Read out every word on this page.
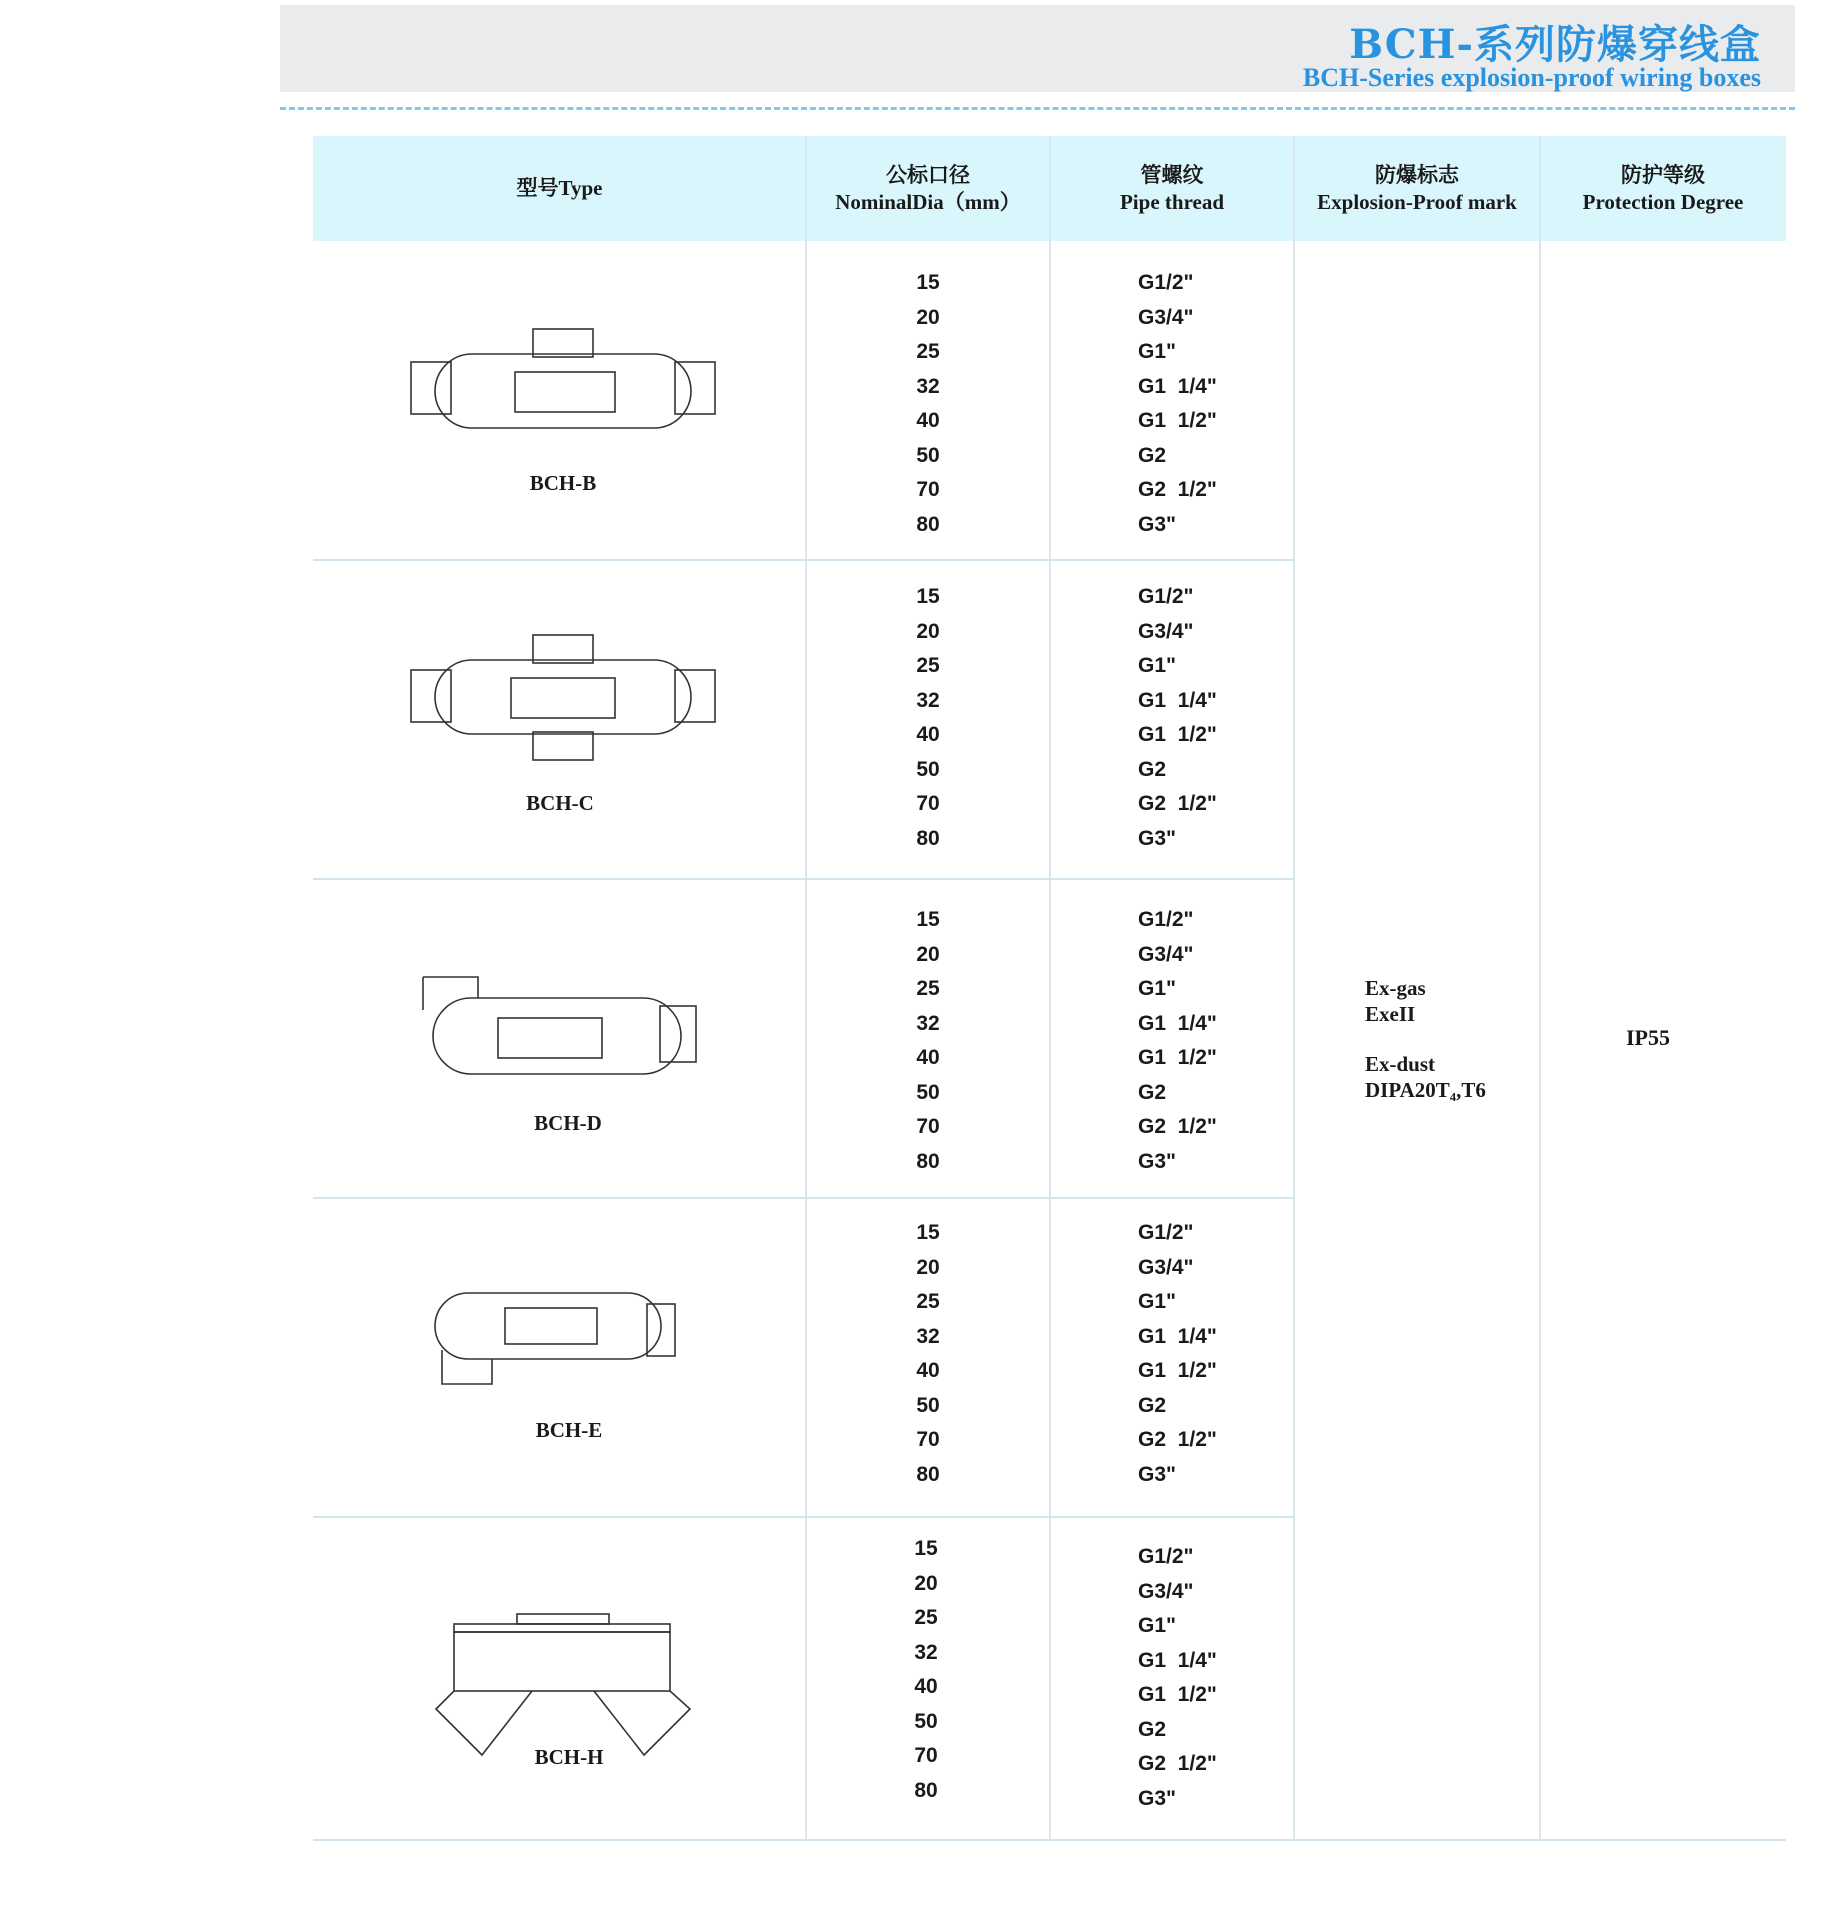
BCH-系列防爆穿线盒
BCH-Series explosion-proof wiring boxes
型号Type
公标口径
NominalDia（mm）
管螺纹
Pipe thread
防爆标志
Explosion-Proof mark
防护等级
Protection Degree
BCH-B
15
20
25
32
40
50
70
80
G1/2"
G3/4"
G1"
G1  1/4"
G1  1/2"
G2
G2  1/2"
G3"
BCH-C
15
20
25
32
40
50
70
80
G1/2"
G3/4"
G1"
G1  1/4"
G1  1/2"
G2
G2  1/2"
G3"
BCH-D
15
20
25
32
40
50
70
80
G1/2"
G3/4"
G1"
G1  1/4"
G1  1/2"
G2
G2  1/2"
G3"
BCH-E
15
20
25
32
40
50
70
80
G1/2"
G3/4"
G1"
G1  1/4"
G1  1/2"
G2
G2  1/2"
G3"
BCH-H
15
20
25
32
40
50
70
80
G1/2"
G3/4"
G1"
G1  1/4"
G1  1/2"
G2
G2  1/2"
G3"
Ex-gas
ExeII
Ex-dust
DIPA20T₄,T6
IP55
